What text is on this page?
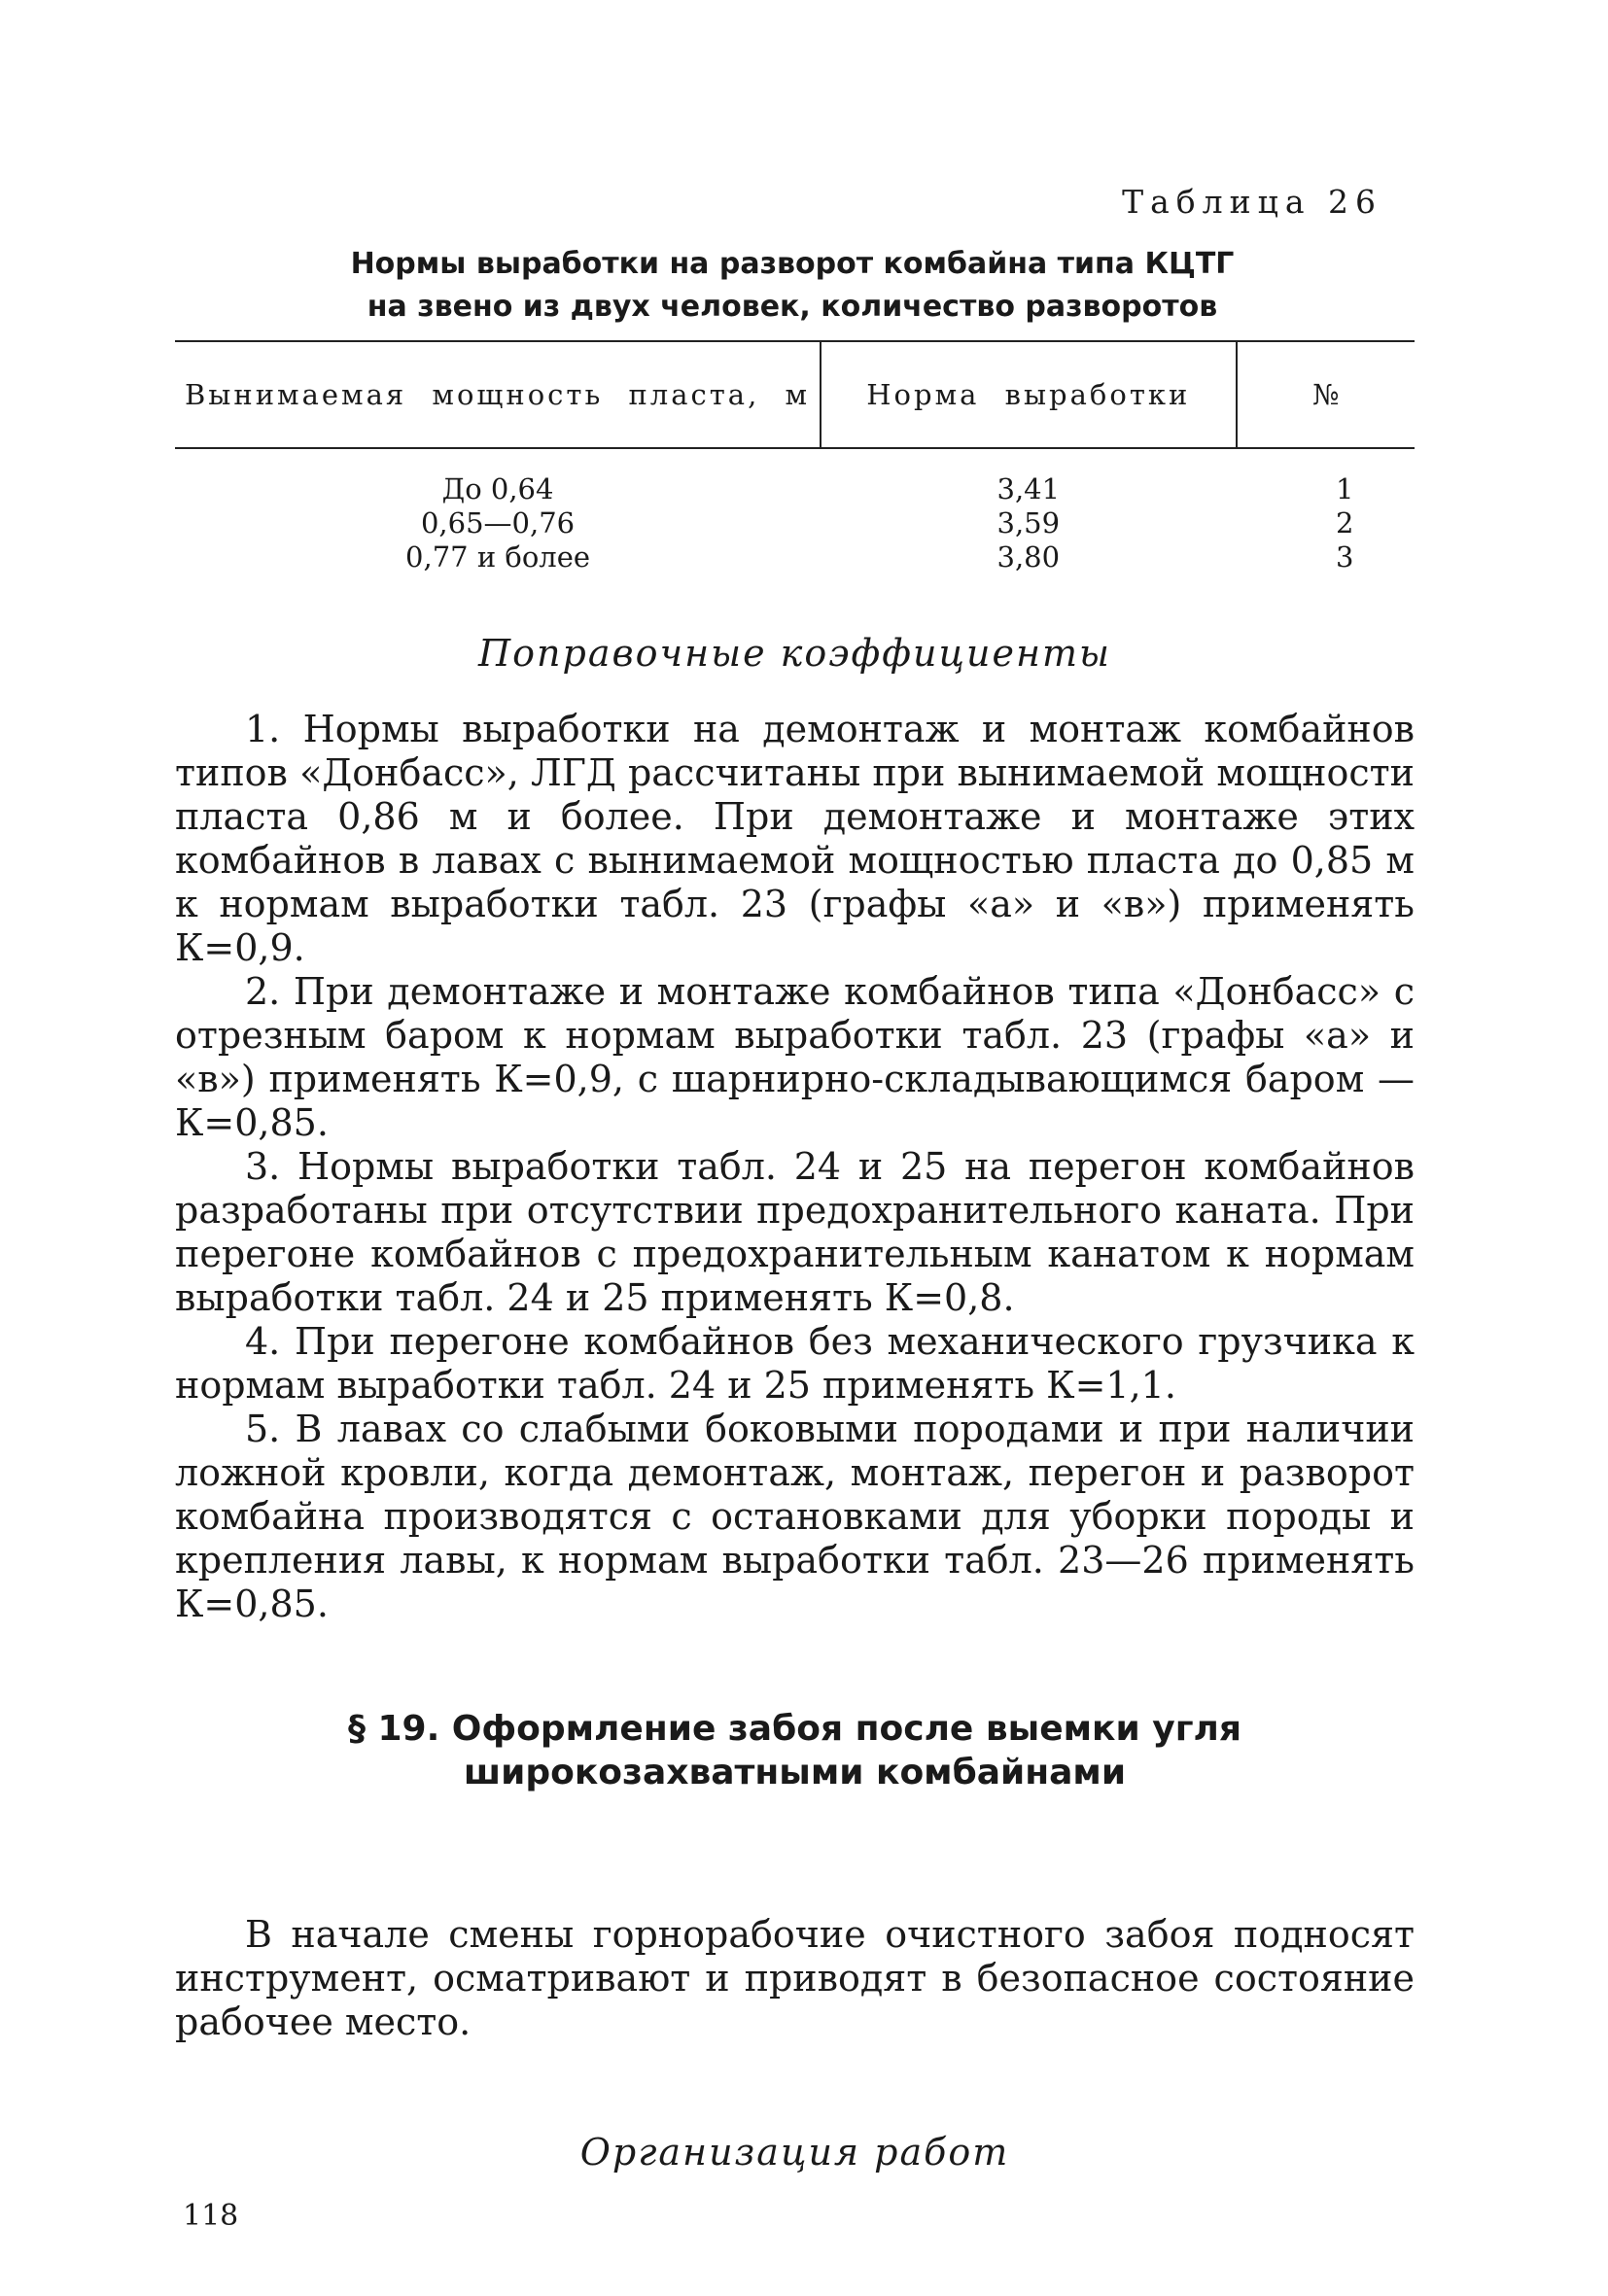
Таблица 26
Нормы выработки на разворот комбайна типа КЦТГ
на звено из двух человек, количество разворотов
Вынимаемая мощность пласта, м	Норма выработки	№
До 0,64	3,41	1
0,65—0,76	3,59	2
0,77 и более	3,80	3
Поправочные коэффициенты

1. Нормы выработки на демонтаж и монтаж комбайнов типов «Донбасс», ЛГД рассчитаны при вынимаемой мощности пласта 0,86 м и более. При демонтаже и монтаже этих комбайнов в лавах с вынимаемой мощностью пласта до 0,85 м к нормам выработки табл. 23 (графы «а» и «в») применять К=0,9.

2. При демонтаже и монтаже комбайнов типа «Донбасс» с отрезным баром к нормам выработки табл. 23 (графы «а» и «в») применять К=0,9, с шарнирно-складывающимся баром — К=0,85.

3. Нормы выработки табл. 24 и 25 на перегон комбайнов разработаны при отсутствии предохранительного каната. При перегоне комбайнов с предохранительным канатом к нормам выработки табл. 24 и 25 применять К=0,8.

4. При перегоне комбайнов без механического грузчика к нормам выработки табл. 24 и 25 применять К=1,1.

5. В лавах со слабыми боковыми породами и при наличии ложной кровли, когда демонтаж, монтаж, перегон и разворот комбайна производятся с остановками для уборки породы и крепления лавы, к нормам выработки табл. 23—26 применять К=0,85.

§ 19. Оформление забоя после выемки угля
широкозахватными комбайнами
Организация работ

В начале смены горнорабочие очистного забоя подносят инструмент, осматривают и приводят в безопасное состояние рабочее место.

118
